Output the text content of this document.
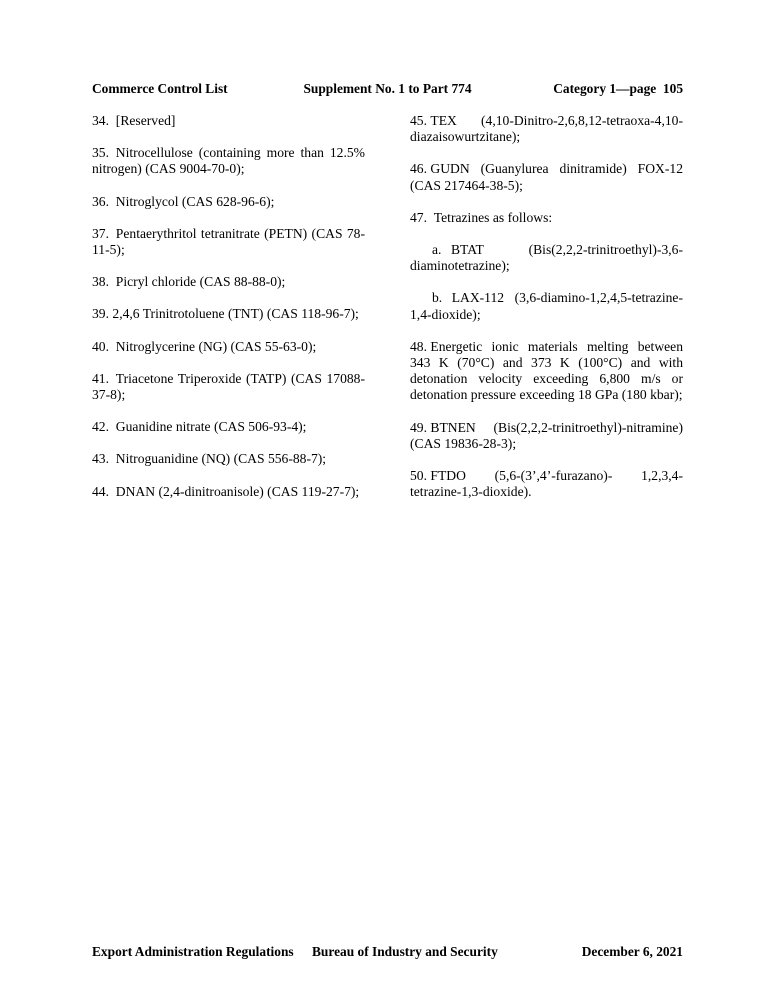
Commerce Control List	Supplement No. 1 to Part 774	Category 1—page  105
34. [Reserved]
35. Nitrocellulose (containing more than 12.5% nitrogen) (CAS 9004-70-0);
36. Nitroglycol (CAS 628-96-6);
37. Pentaerythritol tetranitrate (PETN) (CAS 78-11-5);
38. Picryl chloride (CAS 88-88-0);
39. 2,4,6 Trinitrotoluene (TNT) (CAS 118-96-7);
40. Nitroglycerine (NG) (CAS 55-63-0);
41. Triacetone Triperoxide (TATP) (CAS 17088-37-8);
42. Guanidine nitrate (CAS 506-93-4);
43. Nitroguanidine (NQ) (CAS 556-88-7);
44. DNAN (2,4-dinitroanisole) (CAS 119-27-7);
45. TEX (4,10-Dinitro-2,6,8,12-tetraoxa-4,10-diazaisowurtzitane);
46. GUDN (Guanylurea dinitramide) FOX-12 (CAS 217464-38-5);
47. Tetrazines as follows:
a. BTAT (Bis(2,2,2-trinitroethyl)-3,6-diaminotetrazine);
b. LAX-112 (3,6-diamino-1,2,4,5-tetrazine-1,4-dioxide);
48. Energetic ionic materials melting between 343 K (70°C) and 373 K (100°C) and with detonation velocity exceeding 6,800 m/s or detonation pressure exceeding 18 GPa (180 kbar);
49. BTNEN (Bis(2,2,2-trinitroethyl)-nitramine) (CAS 19836-28-3);
50. FTDO (5,6-(3’,4’-furazano)- 1,2,3,4-tetrazine-1,3-dioxide).
Export Administration Regulations	Bureau of Industry and Security	December 6, 2021
